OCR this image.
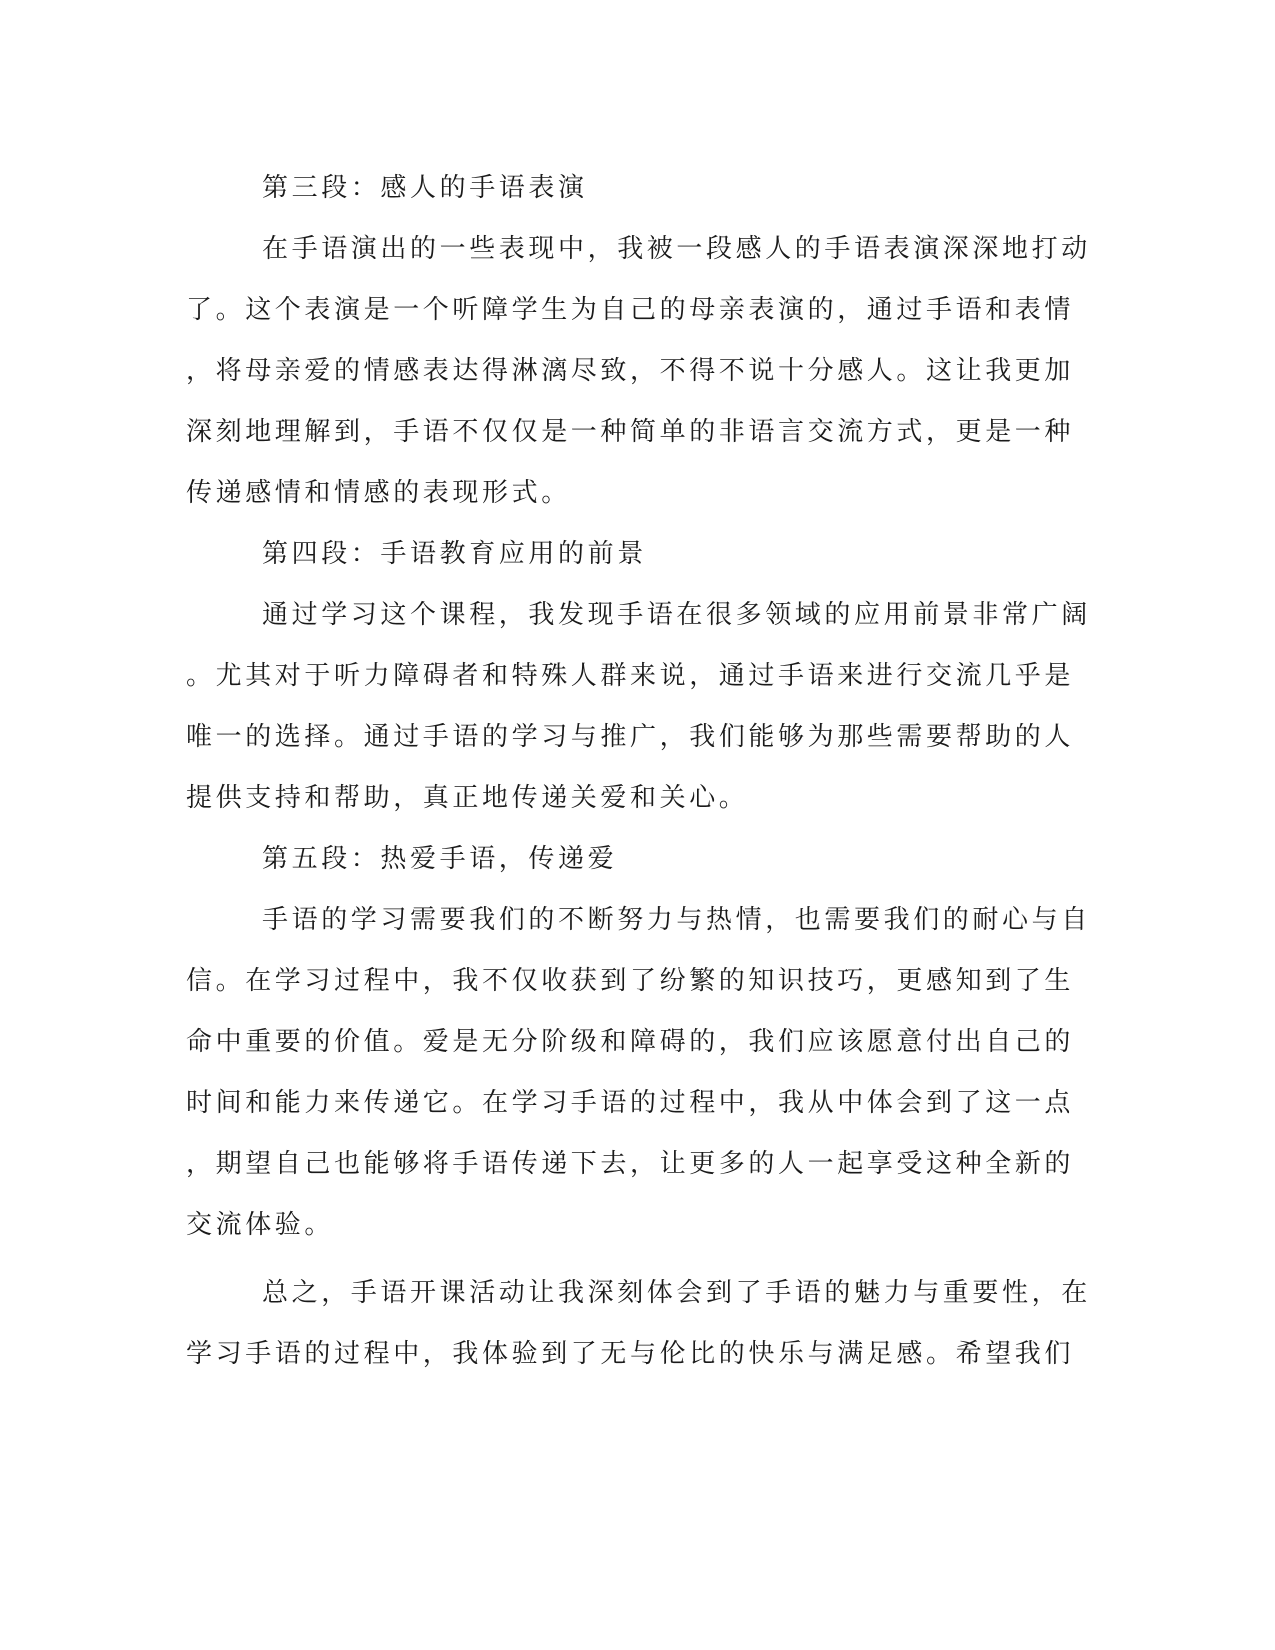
第三段：感人的手语表演
在手语演出的一些表现中，我被一段感人的手语表演深深地打动
了。这个表演是一个听障学生为自己的母亲表演的，通过手语和表情
，将母亲爱的情感表达得淋漓尽致，不得不说十分感人。这让我更加
深刻地理解到，手语不仅仅是一种简单的非语言交流方式，更是一种
传递感情和情感的表现形式。
第四段：手语教育应用的前景
通过学习这个课程，我发现手语在很多领域的应用前景非常广阔
。尤其对于听力障碍者和特殊人群来说，通过手语来进行交流几乎是
唯一的选择。通过手语的学习与推广，我们能够为那些需要帮助的人
提供支持和帮助，真正地传递关爱和关心。
第五段：热爱手语，传递爱
手语的学习需要我们的不断努力与热情，也需要我们的耐心与自
信。在学习过程中，我不仅收获到了纷繁的知识技巧，更感知到了生
命中重要的价值。爱是无分阶级和障碍的，我们应该愿意付出自己的
时间和能力来传递它。在学习手语的过程中，我从中体会到了这一点
，期望自己也能够将手语传递下去，让更多的人一起享受这种全新的
交流体验。
总之，手语开课活动让我深刻体会到了手语的魅力与重要性，在
学习手语的过程中，我体验到了无与伦比的快乐与满足感。希望我们
